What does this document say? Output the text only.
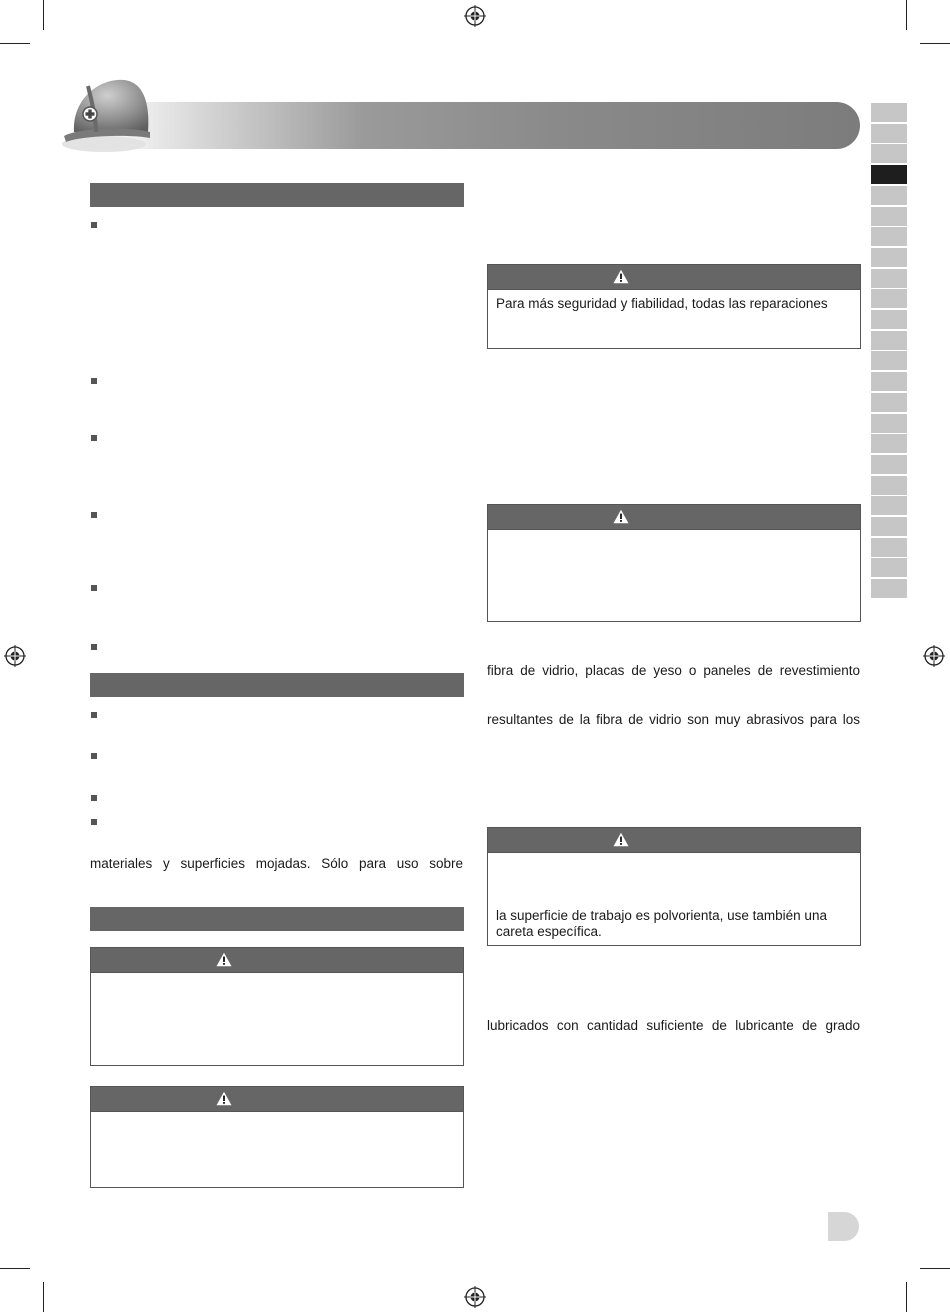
materiales y superficies mojadas. Sólo para uso sobre
Para más seguridad y fiabilidad, todas las reparaciones
fibra de vidrio, placas de yeso o paneles de revestimiento
resultantes de la fibra de vidrio son muy abrasivos para los
la superficie de trabajo es polvorienta, use también una
careta específica.
lubricados con cantidad suficiente de lubricante de grado
